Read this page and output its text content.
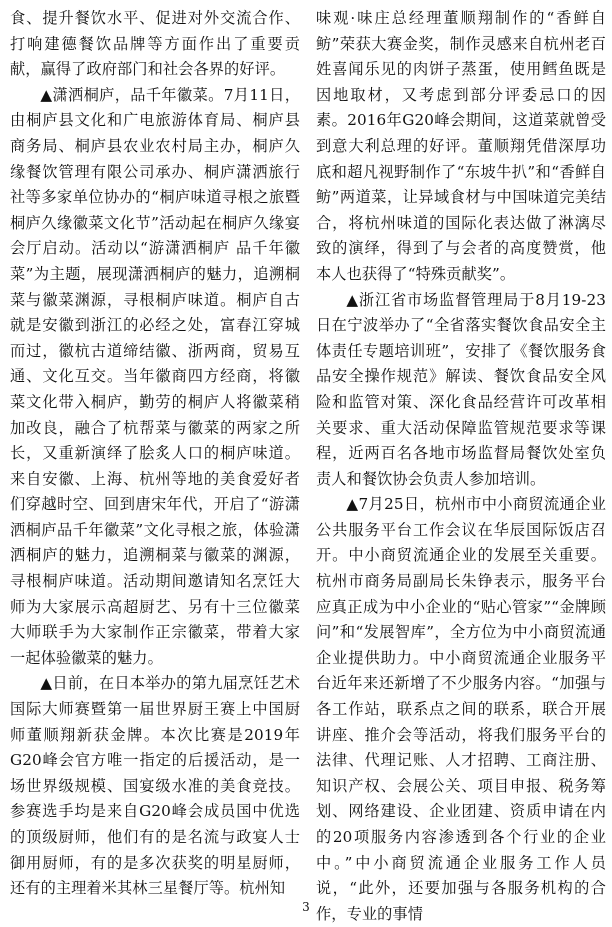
食、提升餐饮水平、促进对外交流合作、打响建德餐饮品牌等方面作出了重要贡献，赢得了政府部门和社会各界的好评。

▲潇洒桐庐，品千年徽菜。7月11日，由桐庐县文化和广电旅游体育局、桐庐县商务局、桐庐县农业农村局主办，桐庐久缘餐饮管理有限公司承办、桐庐潇洒旅行社等多家单位协办的“桐庐味道寻根之旅暨桐庐久缘徽菜文化节”活动起在桐庐久缘宴会厅启动。活动以“游潇洒桐庐 品千年徽菜”为主题，展现潇洒桐庐的魅力，追溯桐菜与徽菜渊源，寻根桐庐味道。桐庐自古就是安徽到浙江的必经之处，富春江穿城而过，徽杭古道缔结徽、浙两商，贸易互通、文化互交。当年徽商四方经商，将徽菜文化带入桐庐，勤劳的桐庐人将徽菜稍加改良，融合了杭帮菜与徽菜的两家之所长，又重新演绎了脍炙人口的桐庐味道。来自安徽、上海、杭州等地的美食爱好者们穿越时空、回到唐宋年代，开启了“游潇洒桐庐品千年徽菜”文化寻根之旅，体验潇洒桐庐的魅力，追溯桐菜与徽菜的渊源，寻根桐庐味道。活动期间邀请知名烹饪大师为大家展示高超厨艺、另有十三位徽菜大师联手为大家制作正宗徽菜，带着大家一起体验徽菜的魅力。

▲日前，在日本举办的第九届烹饪艺术国际大师赛暨第一届世界厨王赛上中国厨师董顺翔新获金牌。本次比赛是2019年G20峰会官方唯一指定的后援活动，是一场世界级规模、国宴级水准的美食竞技。参赛选手均是来自G20峰会成员国中优选的顶级厨师，他们有的是名流与政宴人士御用厨师，有的是多次获奖的明星厨师，还有的主理着米其林三星餐厅等。杭州知

味观·味庄总经理董顺翔制作的“香鲜自鲂”荣获大赛金奖，制作灵感来自杭州老百姓喜闻乐见的肉饼子蒸蛋，使用鳕鱼既是因地取材，又考虑到部分评委忌口的因素。2016年G20峰会期间，这道菜就曾受到意大利总理的好评。董顺翔凭借深厚功底和超凡视野制作了“东坡牛扒”和“香鲜自鲂”两道菜，让异域食材与中国味道完美结合，将杭州味道的国际化表达做了淋漓尽致的演绎，得到了与会者的高度赞赏，他本人也获得了“特殊贡献奖”。

▲浙江省市场监督管理局于8月19-23日在宁波举办了“全省落实餐饮食品安全主体责任专题培训班”，安排了《餐饮服务食品安全操作规范》解读、餐饮食品安全风险和监管对策、深化食品经营许可改革相关要求、重大活动保障监管规范要求等课程，近两百名各地市场监督局餐饮处室负责人和餐饮协会负责人参加培训。

▲7月25日，杭州市中小商贸流通企业公共服务平台工作会议在华辰国际饭店召开。中小商贸流通企业的发展至关重要。杭州市商务局副局长朱铮表示，服务平台应真正成为中小企业的“贴心管家”“金牌顾问”和“发展智库”，全方位为中小商贸流通企业提供助力。中小商贸流通企业服务平台近年来还新增了不少服务内容。“加强与各工作站，联系点之间的联系，联合开展讲座、推介会等活动，将我们服务平台的法律、代理记账、人才招聘、工商注册、知识产权、会展公关、项目申报、税务筹划、网络建设、企业团建、资质申请在内的20项服务内容渗透到各个行业的企业中。”中小商贸流通企业服务工作人员说，“此外，还要加强与各服务机构的合作，专业的事情

3
